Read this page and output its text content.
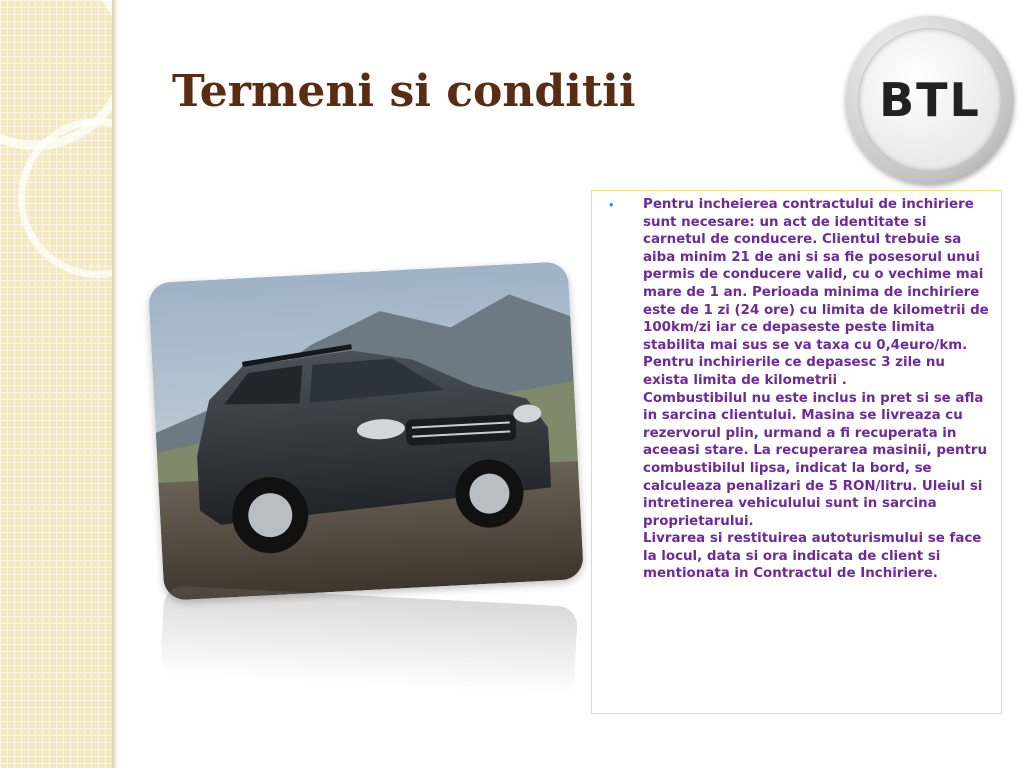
Termeni si conditii	BTL
•	Pentru incheierea contractului de inchiriere sunt necesare: un act de identitate si carnetul de conducere. Clientul trebuie sa aiba minim 21 de ani si sa fie posesorul unui permis de conducere valid, cu o vechime mai mare de 1 an. Perioada minima de inchiriere este de 1 zi (24 ore) cu limita de kilometrii de 100km/zi iar ce depaseste peste limita stabilita mai sus se va taxa cu 0,4euro/km. Pentru inchirierile ce depasesc 3 zile nu exista limita de kilometrii .
Combustibilul nu este inclus in pret si se afla in sarcina clientului. Masina se livreaza cu rezervorul plin, urmand a fi recuperata in aceeasi stare. La recuperarea masinii, pentru combustibilul lipsa, indicat la bord, se calculeaza penalizari de 5 RON/litru. Uleiul si intretinerea vehiculului sunt in sarcina proprietarului.
Livrarea si restituirea autoturismului se face la locul, data si ora indicata de client si mentionata in Contractul de Inchiriere.
